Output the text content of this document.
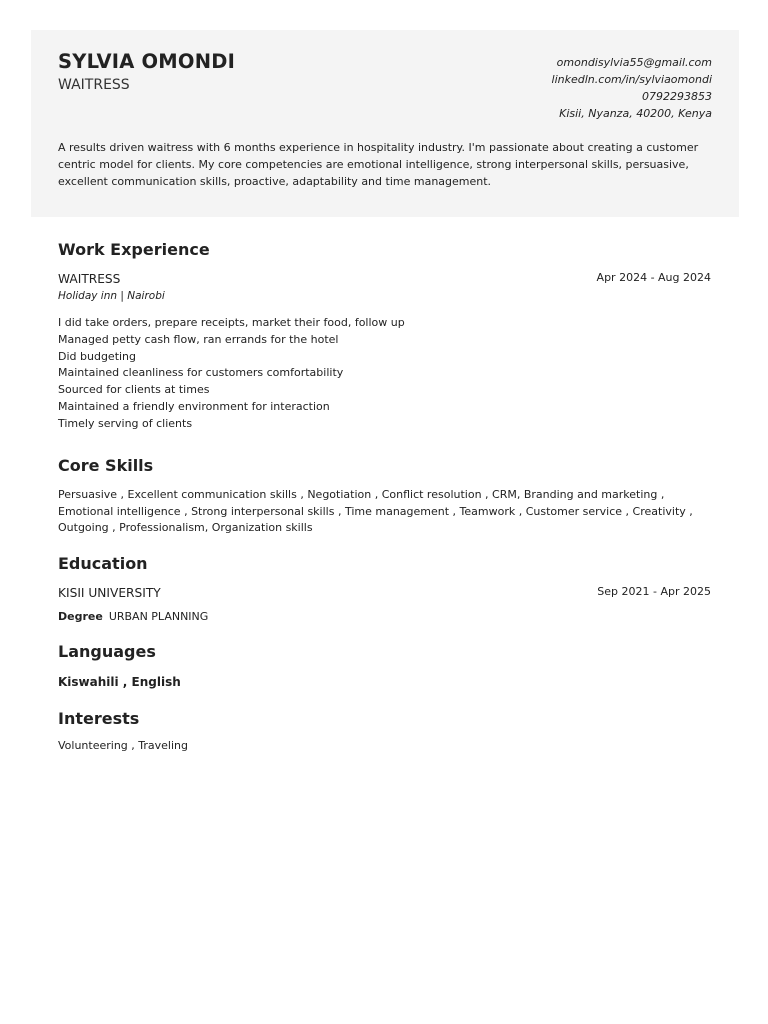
SYLVIA OMONDI
WAITRESS
omondisylvia55@gmail.com
linkedln.com/in/sylviaomondi
0792293853
Kisii, Nyanza, 40200, Kenya
A results driven waitress with 6 months experience in hospitality industry. I'm passionate about creating a customer centric model for clients. My core competencies are emotional intelligence, strong interpersonal skills, persuasive, excellent communication skills, proactive, adaptability and time management.
Work Experience
WAITRESS	Apr 2024 - Aug 2024
Holiday inn | Nairobi
I did take orders, prepare receipts, market their food, follow up
Managed petty cash flow, ran errands for the hotel
Did budgeting
Maintained cleanliness for customers comfortability
Sourced for clients at times
Maintained a friendly environment for interaction
Timely serving of clients
Core Skills
Persuasive , Excellent communication skills , Negotiation , Conflict resolution , CRM, Branding and marketing , Emotional intelligence , Strong interpersonal skills , Time management , Teamwork , Customer service , Creativity , Outgoing , Professionalism, Organization skills
Education
KISII UNIVERSITY	Sep 2021 - Apr 2025
Degree URBAN PLANNING
Languages
Kiswahili , English
Interests
Volunteering , Traveling
